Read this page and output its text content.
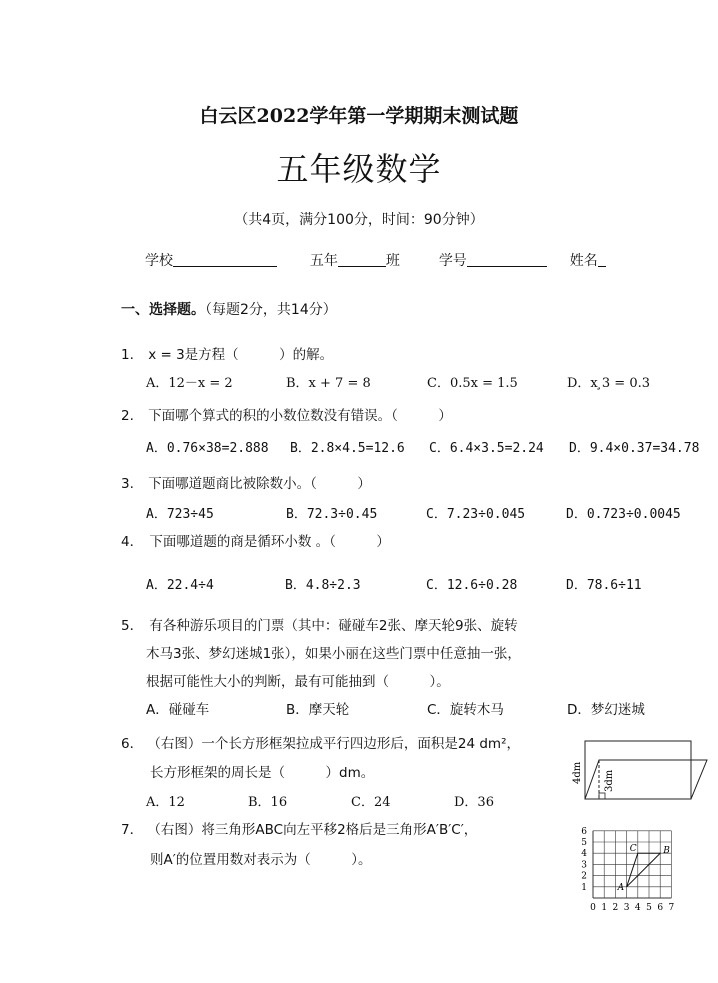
白云区2022学年第一学期期末测试题
五年级数学
（共4页，满分100分，时间：90分钟）
学校	五年	班	学号	姓名
一、选择题。（每题2分，共14分）
1. x = 3是方程（　　　）的解。
A．12－x = 2	B．x + 7 = 8	C．0.5x = 1.5	D．x ̧3 = 0.3
2. 下面哪个算式的积的小数位数没有错误。（　　　）
A．0.76×38=2.888 B．2.8×4.5=12.6 C．6.4×3.5=2.24 D．9.4×0.37=34.78
3. 下面哪道题商比被除数小。（　　　）
A．723÷45	B．72.3÷0.45	C．7.23÷0.045	D．0.723÷0.0045
4． 下面哪道题的商是循环小数 。（　　　）
A．22.4÷4	B．4.8÷2.3	C．12.6÷0.28	D．78.6÷11
5． 有各种游乐项目的门票（其中：碰碰车2张、摩天轮9张、旋转
木马3张、梦幻迷城1张），如果小丽在这些门票中任意抽一张，
根据可能性大小的判断，最有可能抽到（　　　）。
A．碰碰车	B．摩天轮	C．旋转木马	D．梦幻迷城
6． （右图）一个长方形框架拉成平行四边形后，面积是24 dm²，
长方形框架的周长是（　　　）dm。
A．12	B．16	C．24	D．36
4dm 3dm
7． （右图）将三角形ABC向左平移2格后是三角形A′B′C′，
则A′的位置用数对表示为（　　　）。
0 1 2 3 4 5 6 7
1
2
3
4
5
6
A
B
C
